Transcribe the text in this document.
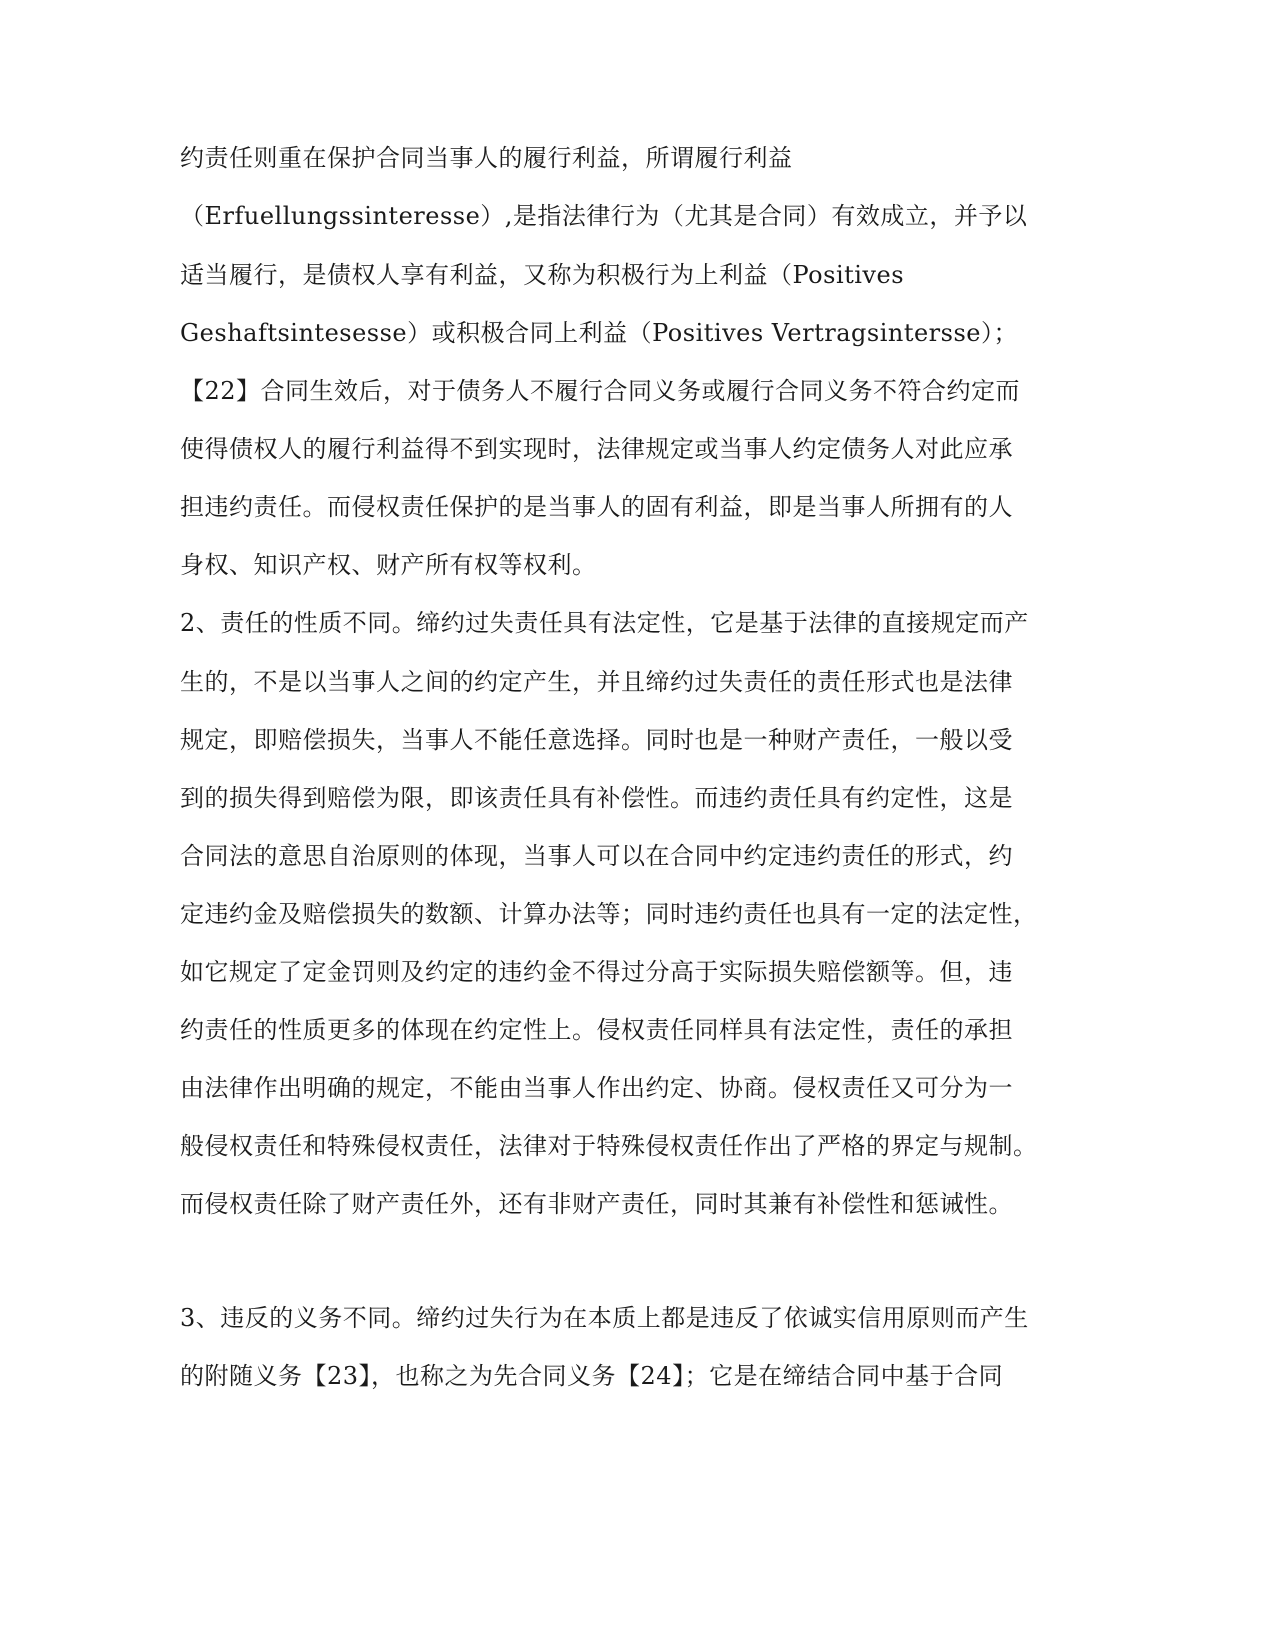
约责任则重在保护合同当事人的履行利益，所谓履行利益
（Erfuellungssinteresse）,是指法律行为（尤其是合同）有效成立，并予以
适当履行，是债权人享有利益，又称为积极行为上利益（Positives
Geshaftsintesesse）或积极合同上利益（Positives Vertragsintersse）；
【22】合同生效后，对于债务人不履行合同义务或履行合同义务不符合约定而
使得债权人的履行利益得不到实现时，法律规定或当事人约定债务人对此应承
担违约责任。而侵权责任保护的是当事人的固有利益，即是当事人所拥有的人
身权、知识产权、财产所有权等权利。
2、责任的性质不同。缔约过失责任具有法定性，它是基于法律的直接规定而产
生的，不是以当事人之间的约定产生，并且缔约过失责任的责任形式也是法律
规定，即赔偿损失，当事人不能任意选择。同时也是一种财产责任，一般以受
到的损失得到赔偿为限，即该责任具有补偿性。而违约责任具有约定性，这是
合同法的意思自治原则的体现，当事人可以在合同中约定违约责任的形式，约
定违约金及赔偿损失的数额、计算办法等；同时违约责任也具有一定的法定性，
如它规定了定金罚则及约定的违约金不得过分高于实际损失赔偿额等。但，违
约责任的性质更多的体现在约定性上。侵权责任同样具有法定性，责任的承担
由法律作出明确的规定，不能由当事人作出约定、协商。侵权责任又可分为一
般侵权责任和特殊侵权责任，法律对于特殊侵权责任作出了严格的界定与规制。
而侵权责任除了财产责任外，还有非财产责任，同时其兼有补偿性和惩诫性。
3、违反的义务不同。缔约过失行为在本质上都是违反了依诚实信用原则而产生
的附随义务【23】，也称之为先合同义务【24】；它是在缔结合同中基于合同
